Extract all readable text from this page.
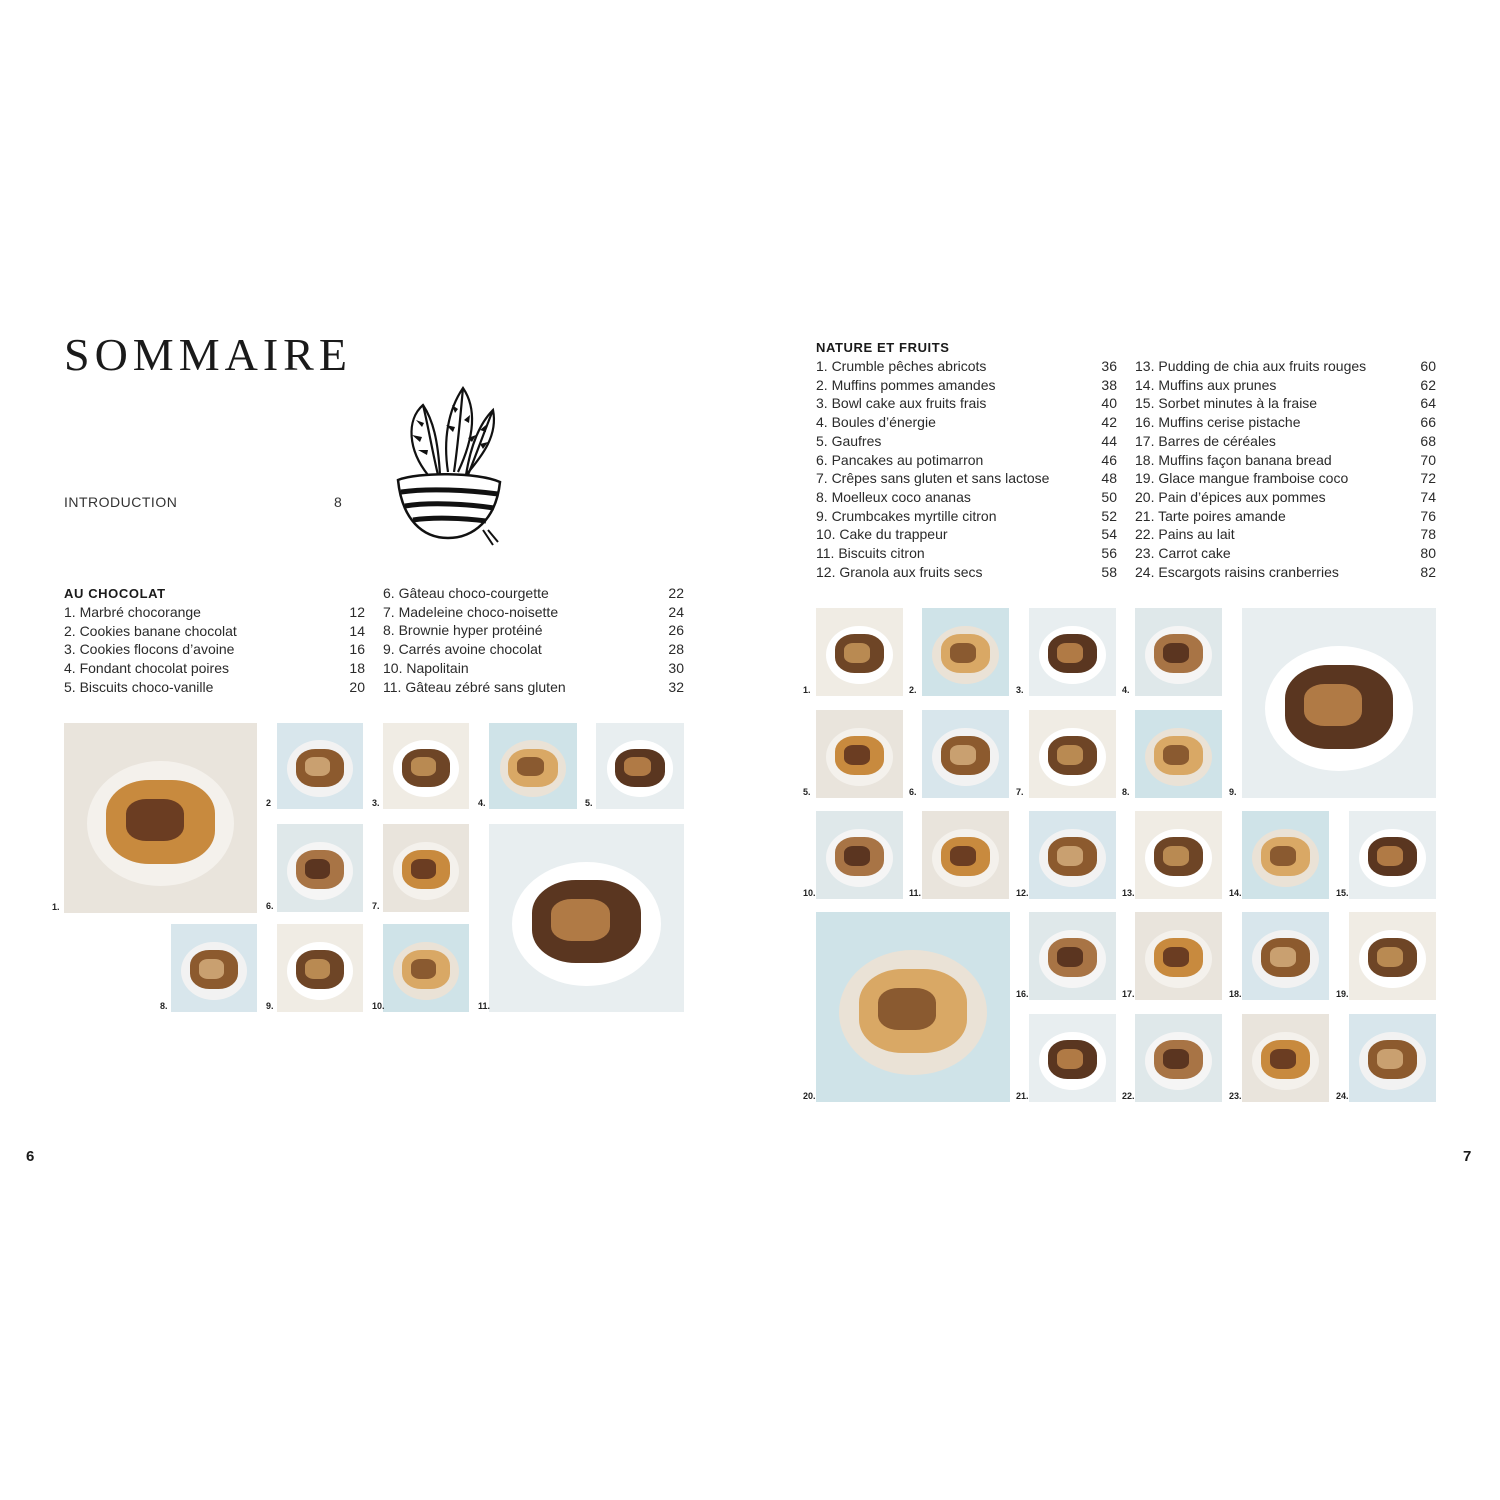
SOMMAIRE
INTRODUCTION	8
AU CHOCOLAT
1. Marbré chocorange	12
2. Cookies banane chocolat	14
3. Cookies flocons d’avoine	16
4. Fondant chocolat poires	18
5. Biscuits choco-vanille	20
6. Gâteau choco-courgette	22
7. Madeleine choco-noisette	24
8. Brownie hyper protéiné	26
9. Carrés avoine chocolat	28
10. Napolitain	30
11. Gâteau zébré sans gluten	32
NATURE ET FRUITS
1. Crumble pêches abricots	36
2. Muffins pommes amandes	38
3. Bowl cake aux fruits frais	40
4. Boules d’énergie	42
5. Gaufres	44
6. Pancakes au potimarron	46
7. Crêpes sans gluten et sans lactose	48
8. Moelleux coco ananas	50
9. Crumbcakes myrtille citron	52
10. Cake du trappeur	54
11. Biscuits citron	56
12. Granola aux fruits secs	58
13. Pudding de chia aux fruits rouges	60
14. Muffins aux prunes	62
15. Sorbet minutes à la fraise	64
16. Muffins cerise pistache	66
17. Barres de céréales	68
18. Muffins façon banana bread	70
19. Glace mangue framboise coco	72
20. Pain d’épices aux pommes	74
21. Tarte poires amande	76
22. Pains au lait	78
23. Carrot cake	80
24. Escargots raisins cranberries	82
1.
2	3.	4.	5.
6.	7.
8.	9.	10.	11.
1.	2.	3.	4.
5.	6.	7.	8.	9.
10.	11.	12.	13.	14.	15.
16.	17.	18.	19.
20.	21.	22.	23.	24.
6	7
